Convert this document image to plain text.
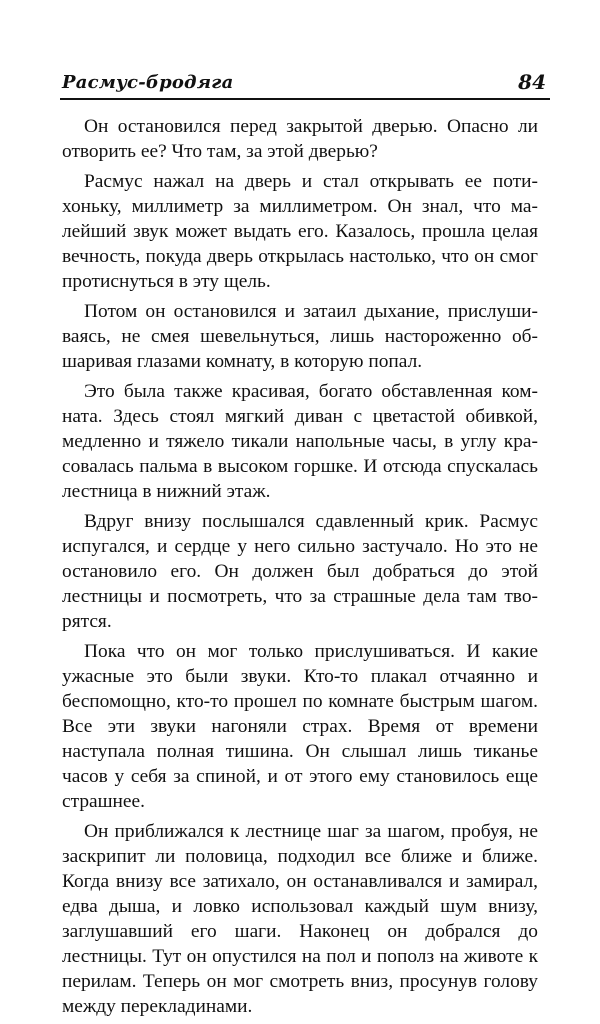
Расмус-бродяга	84

Он остановился перед закрытой дверью. Опасно ли отворить ее? Что там, за этой дверью?

Расмус нажал на дверь и стал открывать ее потихоньку, миллиметр за миллиметром. Он знал, что малейший звук может выдать его. Казалось, прошла целая вечность, покуда дверь открылась настолько, что он смог протиснуться в эту щель.

Потом он остановился и затаил дыхание, прислушиваясь, не смея шевельнуться, лишь настороженно обшаривая глазами комнату, в которую попал.

Это была также красивая, богато обставленная комната. Здесь стоял мягкий диван с цветастой обивкой, медленно и тяжело тикали напольные часы, в углу красовалась пальма в высоком горшке. И отсюда спускалась лестница в нижний этаж.

Вдруг внизу послышался сдавленный крик. Расмус испугался, и сердце у него сильно застучало. Но это не остановило его. Он должен был добраться до этой лестницы и посмотреть, что за страшные дела там творятся.

Пока что он мог только прислушиваться. И какие ужасные это были звуки. Кто-то плакал отчаянно и беспомощно, кто-то прошел по комнате быстрым шагом. Все эти звуки нагоняли страх. Время от времени наступала полная тишина. Он слышал лишь тиканье часов у себя за спиной, и от этого ему становилось еще страшнее.

Он приближался к лестнице шаг за шагом, пробуя, не заскрипит ли половица, подходил все ближе и ближе. Когда внизу все затихало, он останавливался и замирал, едва дыша, и ловко использовал каждый шум внизу, заглушавший его шаги. Наконец он добрался до лестницы. Тут он опустился на пол и пополз на животе к перилам. Теперь он мог смотреть вниз, просунув голову между перекладинами.
